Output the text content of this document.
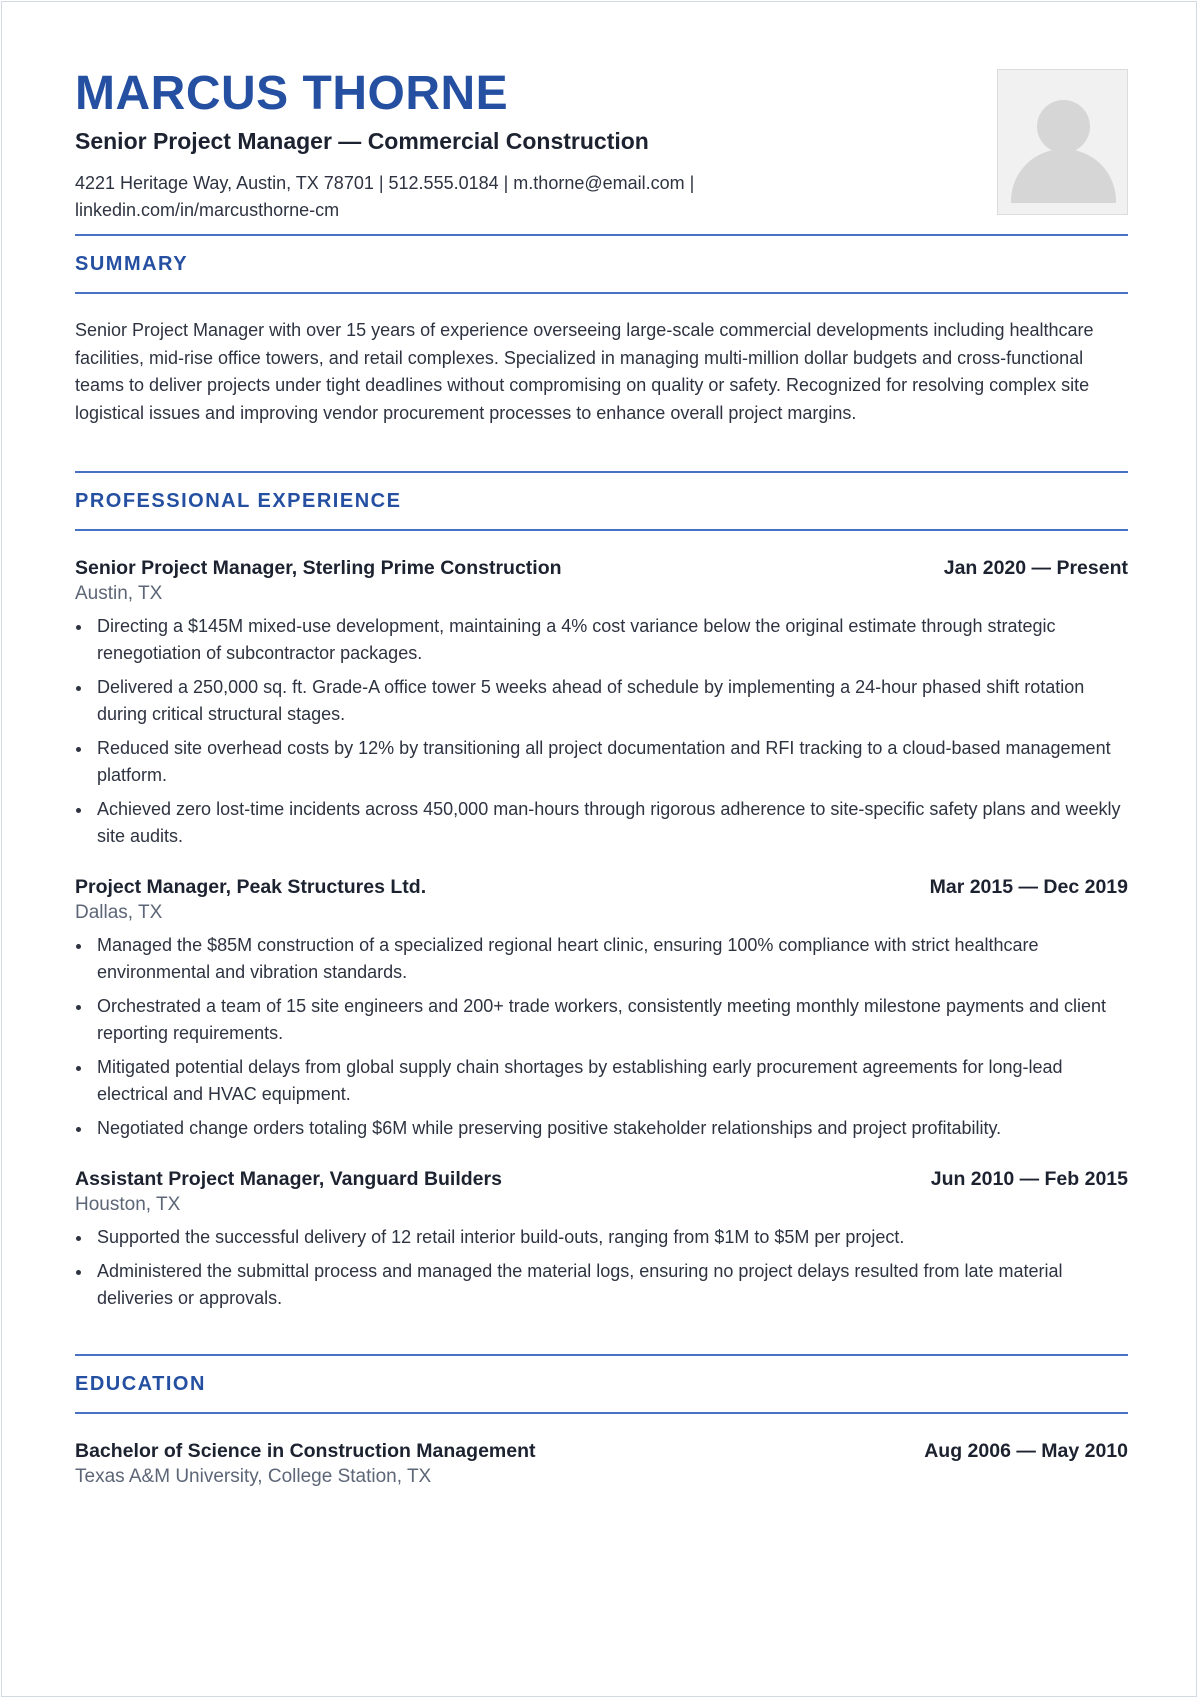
MARCUS THORNE
Senior Project Manager — Commercial Construction
4221 Heritage Way, Austin, TX 78701 | 512.555.0184 | m.thorne@email.com |
linkedin.com/in/marcusthorne-cm
SUMMARY

Senior Project Manager with over 15 years of experience overseeing large-scale commercial developments including healthcare facilities, mid-rise office towers, and retail complexes. Specialized in managing multi-million dollar budgets and cross-functional teams to deliver projects under tight deadlines without compromising on quality or safety. Recognized for resolving complex site logistical issues and improving vendor procurement processes to enhance overall project margins.

PROFESSIONAL EXPERIENCE
Senior Project Manager, Sterling Prime Construction	Jan 2020 — Present
Austin, TX
Directing a $145M mixed-use development, maintaining a 4% cost variance below the original estimate through strategic renegotiation of subcontractor packages.
Delivered a 250,000 sq. ft. Grade-A office tower 5 weeks ahead of schedule by implementing a 24-hour phased shift rotation during critical structural stages.
Reduced site overhead costs by 12% by transitioning all project documentation and RFI tracking to a cloud-based management platform.
Achieved zero lost-time incidents across 450,000 man-hours through rigorous adherence to site-specific safety plans and weekly site audits.
Project Manager, Peak Structures Ltd.	Mar 2015 — Dec 2019
Dallas, TX
Managed the $85M construction of a specialized regional heart clinic, ensuring 100% compliance with strict healthcare environmental and vibration standards.
Orchestrated a team of 15 site engineers and 200+ trade workers, consistently meeting monthly milestone payments and client reporting requirements.
Mitigated potential delays from global supply chain shortages by establishing early procurement agreements for long-lead electrical and HVAC equipment.
Negotiated change orders totaling $6M while preserving positive stakeholder relationships and project profitability.
Assistant Project Manager, Vanguard Builders	Jun 2010 — Feb 2015
Houston, TX
Supported the successful delivery of 12 retail interior build-outs, ranging from $1M to $5M per project.
Administered the submittal process and managed the material logs, ensuring no project delays resulted from late material deliveries or approvals.
EDUCATION
Bachelor of Science in Construction Management	Aug 2006 — May 2010
Texas A&M University, College Station, TX
